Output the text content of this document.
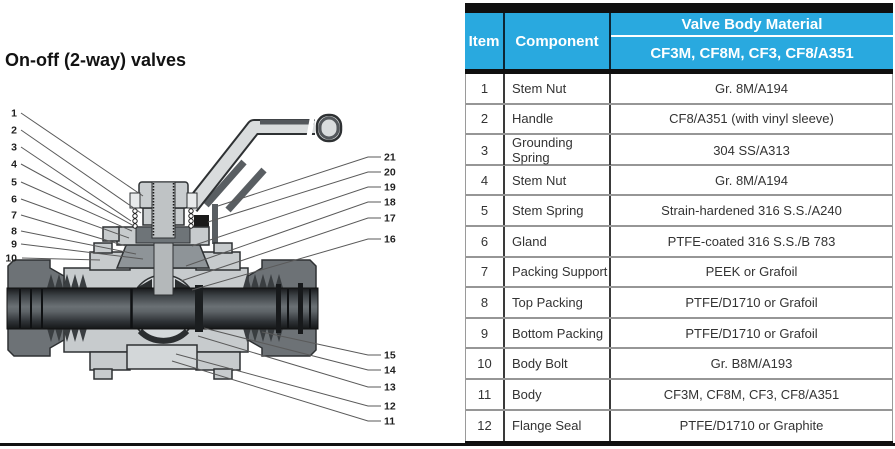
On-off (2-way) valves
1
2
3
4
5
6
7
8
9
10
21
20
19
18
17
16
15
14
13
12
11
Item	Component
Valve Body Material
CF3M, CF8M, CF3, CF8/A351
1	Stem Nut	Gr. 8M/A194
2	Handle	CF8/A351 (with vinyl sleeve)
3	Grounding Spring	304 SS/A313
4	Stem Nut	Gr. 8M/A194
5	Stem Spring	Strain-hardened 316 S.S./A240
6	Gland	PTFE-coated 316 S.S./B 783
7	Packing Support	PEEK or Grafoil
8	Top Packing	PTFE/D1710 or Grafoil
9	Bottom Packing	PTFE/D1710 or Grafoil
10	Body Bolt	Gr. B8M/A193
11	Body	CF3M, CF8M, CF3, CF8/A351
12	Flange Seal	PTFE/D1710 or Graphite
